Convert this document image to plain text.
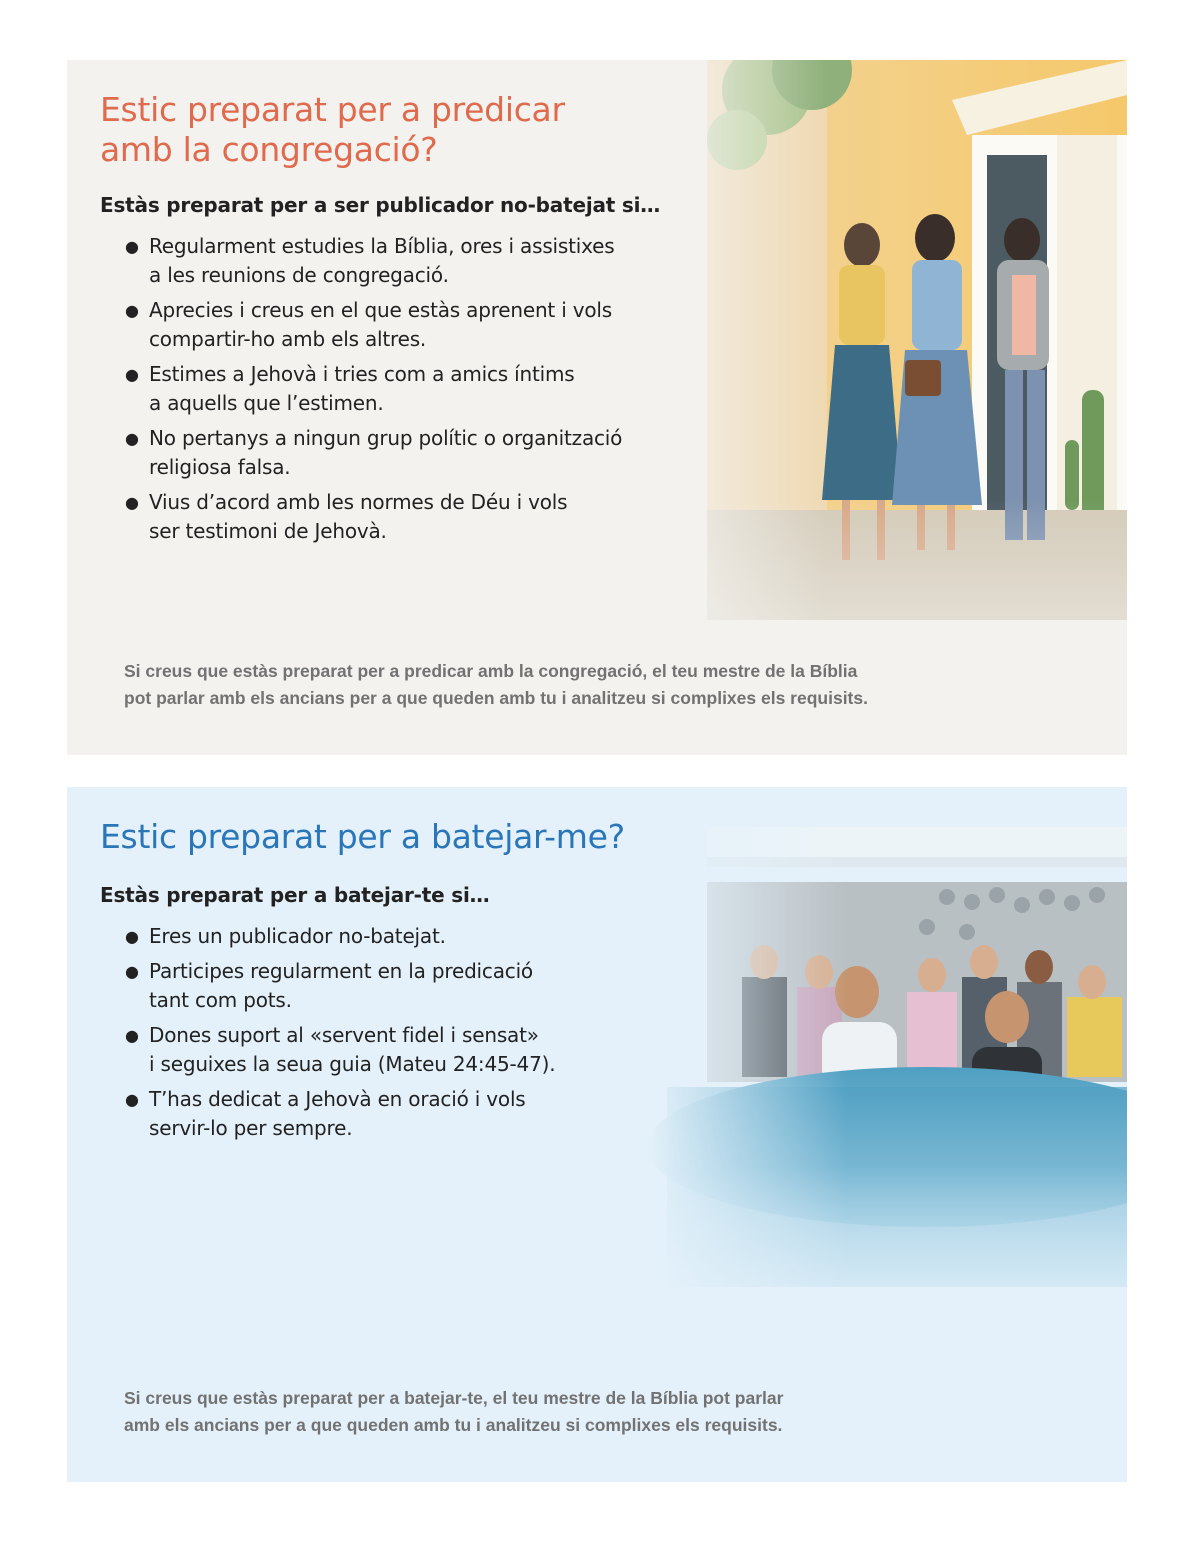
Estic preparat per a predicar
amb la congregació?

Estàs preparat per a ser publicador no-batejat si…

● Regularment estudies la Bíblia, ores i assistixes
a les reunions de congregació.
● Aprecies i creus en el que estàs aprenent i vols
compartir-ho amb els altres.
● Estimes a Jehovà i tries com a amics íntims
a aquells que l’estimen.
● No pertanys a ningun grup polític o organització
religiosa falsa.
● Vius d’acord amb les normes de Déu i vols
ser testimoni de Jehovà.

Si creus que estàs preparat per a predicar amb la congregació, el teu mestre de la Bíblia
pot parlar amb els ancians per a que queden amb tu i analitzeu si complixes els requisits.

Estic preparat per a batejar-me?

Estàs preparat per a batejar-te si…

● Eres un publicador no-batejat.
● Participes regularment en la predicació
tant com pots.
● Dones suport al «servent fidel i sensat»
i seguixes la seua guia (Mateu 24:45-47).
● T’has dedicat a Jehovà en oració i vols
servir-lo per sempre.

Si creus que estàs preparat per a batejar-te, el teu mestre de la Bíblia pot parlar
amb els ancians per a que queden amb tu i analitzeu si complixes els requisits.
